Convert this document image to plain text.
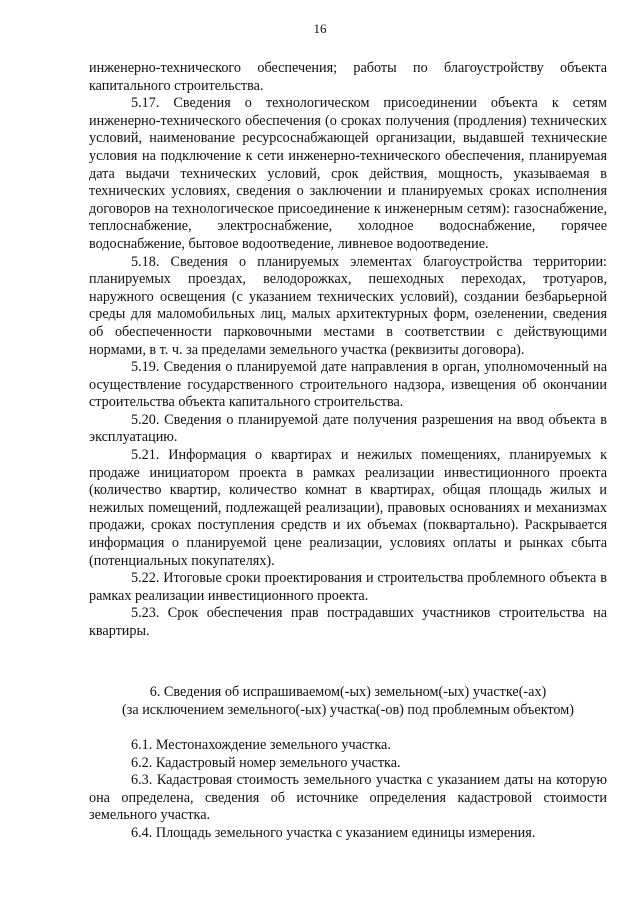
16

инженерно-технического обеспечения; работы по благоустройству объекта капитального строительства.

5.17. Сведения о технологическом присоединении объекта к сетям инженерно-технического обеспечения (о сроках получения (продления) технических условий, наименование ресурсоснабжающей организации, выдавшей технические условия на подключение к сети инженерно-технического обеспечения, планируемая дата выдачи технических условий, срок действия, мощность, указываемая в технических условиях, сведения о заключении и планируемых сроках исполнения договоров на технологическое присоединение к инженерным сетям): газоснабжение, теплоснабжение, электроснабжение, холодное водоснабжение, горячее водоснабжение, бытовое водоотведение, ливневое водоотведение.

5.18. Сведения о планируемых элементах благоустройства территории: планируемых проездах, велодорожках, пешеходных переходах, тротуаров, наружного освещения (с указанием технических условий), создании безбарьерной среды для маломобильных лиц, малых архитектурных форм, озеленении, сведения об обеспеченности парковочными местами в соответствии с действующими нормами, в т. ч. за пределами земельного участка (реквизиты договора).

5.19. Сведения о планируемой дате направления в орган, уполномоченный на осуществление государственного строительного надзора, извещения об окончании строительства объекта капитального строительства.

5.20. Сведения о планируемой дате получения разрешения на ввод объекта в эксплуатацию.

5.21. Информация о квартирах и нежилых помещениях, планируемых к продаже инициатором проекта в рамках реализации инвестиционного проекта (количество квартир, количество комнат в квартирах, общая площадь жилых и нежилых помещений, подлежащей реализации), правовых основаниях и механизмах продажи, сроках поступления средств и их объемах (поквартально). Раскрывается информация о планируемой цене реализации, условиях оплаты и рынках сбыта (потенциальных покупателях).

5.22. Итоговые сроки проектирования и строительства проблемного объекта в рамках реализации инвестиционного проекта.

5.23. Срок обеспечения прав пострадавших участников строительства на квартиры.

6. Сведения об испрашиваемом(-ых) земельном(-ых) участке(-ах)

(за исключением земельного(-ых) участка(-ов) под проблемным объектом)

6.1. Местонахождение земельного участка.

6.2. Кадастровый номер земельного участка.

6.3. Кадастровая стоимость земельного участка с указанием даты на которую она определена, сведения об источнике определения кадастровой стоимости земельного участка.

6.4. Площадь земельного участка с указанием единицы измерения.
